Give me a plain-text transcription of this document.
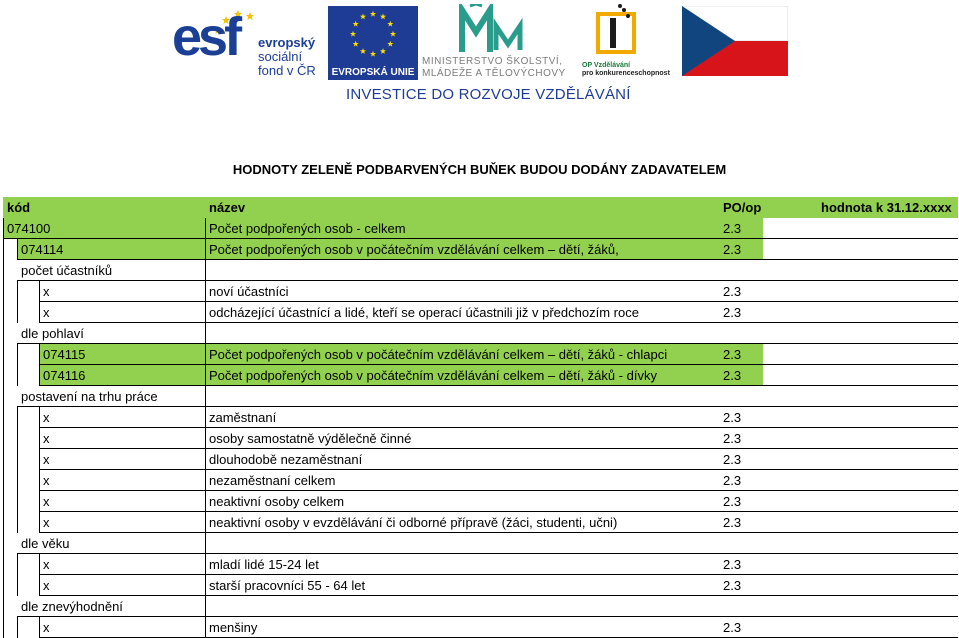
esf evropský
sociální
fond v ČR	EVROPSKÁ UNIE
MINISTERSTVO ŠKOLSTVÍ,
MLÁDEŽE A TĚLOVÝCHOVY
OP Vzdělávání
pro konkurenceschopnost
INVESTICE DO ROZVOJE VZDĚLÁVÁNÍ
HODNOTY ZELENĚ PODBARVENÝCH BUŇEK BUDOU DODÁNY ZADAVATELEM
kód	název	PO/op	hodnota k 31.12.xxxx
074100	Počet podpořených osob - celkem	2.3
074114	Počet podpořených osob v počátečním vzdělávání celkem – dětí, žáků,	2.3
počet účastníků
x	noví účastníci	2.3
x	odcházející účastnící a lidé, kteří se operací účastnili již v předchozím roce	2.3
dle pohlaví
074115	Počet podpořených osob v počátečním vzdělávání celkem – dětí, žáků - chlapci	2.3
074116	Počet podpořených osob v počátečním vzdělávání celkem – dětí, žáků - dívky	2.3
postavení na trhu práce
x	zaměstnaní	2.3
x	osoby samostatně výdělečně činné	2.3
x	dlouhodobě nezaměstnaní	2.3
x	nezaměstnaní celkem	2.3
x	neaktivní osoby celkem	2.3
x	neaktivní osoby v evzdělávání či odborné přípravě (žáci, studenti, učni)	2.3
dle věku
x	mladí lidé 15-24 let	2.3
x	starší pracovníci 55 - 64 let	2.3
dle znevýhodnění
x	menšiny	2.3
